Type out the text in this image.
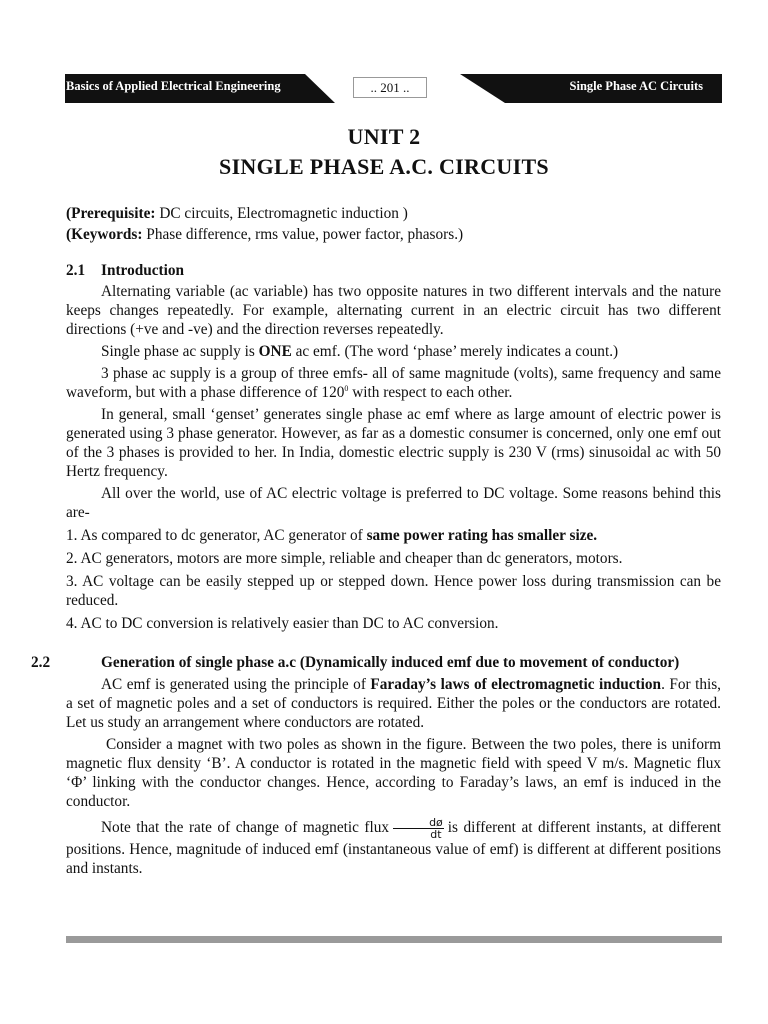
Basics of Applied Electrical Engineering	.. 201 ..	Single Phase AC Circuits
UNIT 2
SINGLE PHASE A.C. CIRCUITS

(Prerequisite: DC circuits, Electromagnetic induction )

(Keywords: Phase difference, rms value, power factor, phasors.)

2.1 Introduction

Alternating variable (ac variable) has two opposite natures in two different intervals and the nature keeps changes repeatedly. For example, alternating current in an electric circuit has two different directions (+ve and -ve) and the direction reverses repeatedly.

Single phase ac supply is ONE ac emf. (The word ‘phase’ merely indicates a count.)

3 phase ac supply is a group of three emfs- all of same magnitude (volts), same frequency and same waveform, but with a phase difference of $120^0$ with respect to each other.

In general, small ‘genset’ generates single phase ac emf where as large amount of electric power is generated using 3 phase generator. However, as far as a domestic consumer is concerned, only one emf out of the 3 phases is provided to her. In India, domestic electric supply is 230 V (rms) sinusoidal ac with 50 Hertz frequency.

All over the world, use of AC electric voltage is preferred to DC voltage. Some reasons behind this are-

1. As compared to dc generator, AC generator of same power rating has smaller size.

2. AC generators, motors are more simple, reliable and cheaper than dc generators, motors.

3. AC voltage can be easily stepped up or stepped down. Hence power loss during transmission can be reduced.

4. AC to DC conversion is relatively easier than DC to AC conversion.

2.2	Generation of single phase a.c (Dynamically induced emf due to movement of conductor)

AC emf is generated using the principle of Faraday’s laws of electromagnetic induction. For this, a set of magnetic poles and a set of conductors is required. Either the poles or the conductors are rotated. Let us study an arrangement where conductors are rotated.

Consider a magnet with two poles as shown in the figure. Between the two poles, there is uniform magnetic flux density ‘B’. A conductor is rotated in the magnetic field with speed V m/s. Magnetic flux ‘Φ’ linking with the conductor changes. Hence, according to Faraday’s laws, an emf is induced in the conductor.

Note that the rate of change of magnetic flux $\frac{dø}{dt}$ is different at different instants, at different positions. Hence, magnitude of induced emf (instantaneous value of emf) is different at different positions and instants.
